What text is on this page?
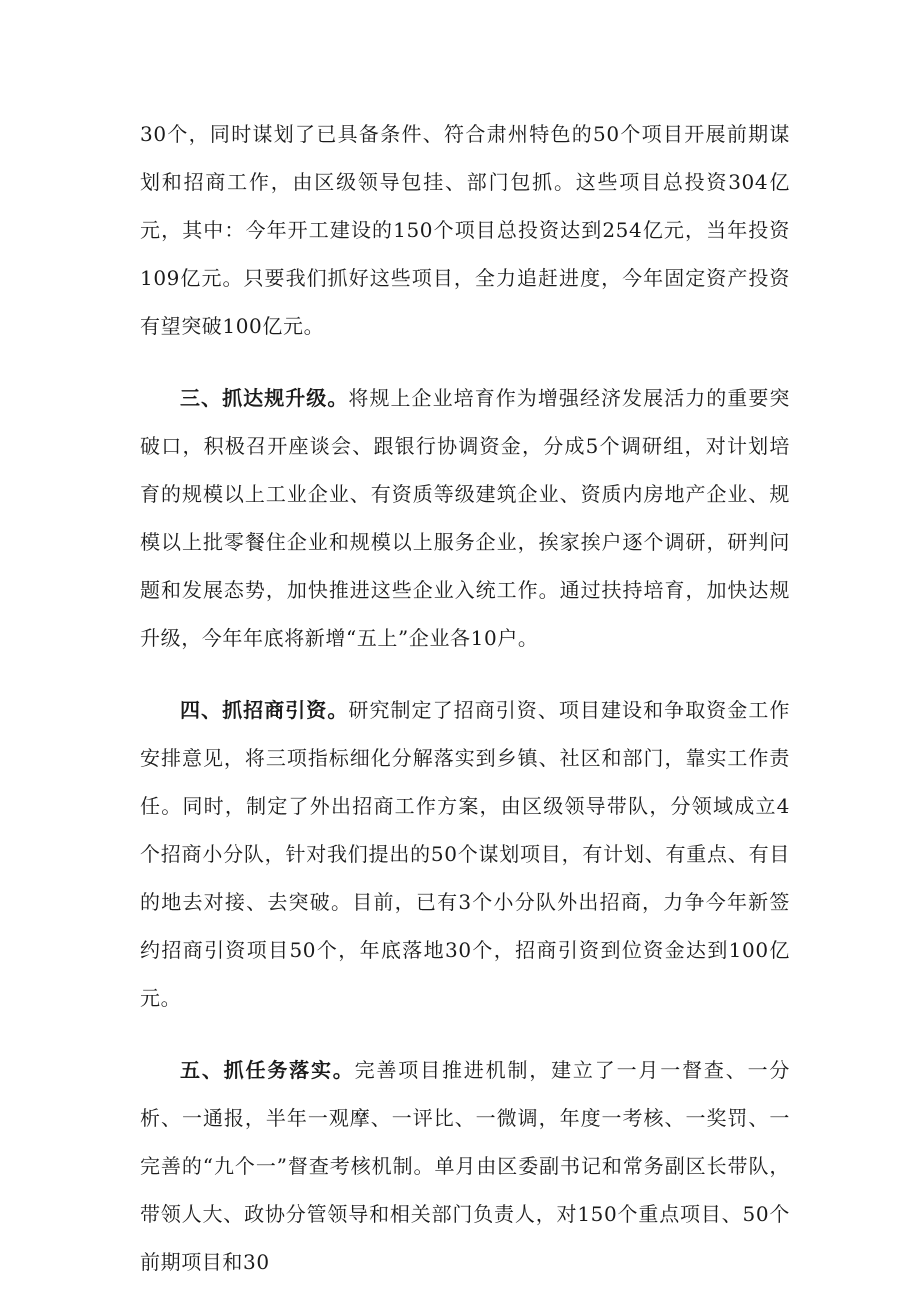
30个，同时谋划了已具备条件、符合肃州特色的50个项目开展前期谋划和招商工作，由区级领导包挂、部门包抓。这些项目总投资304亿元，其中：今年开工建设的150个项目总投资达到254亿元，当年投资109亿元。只要我们抓好这些项目，全力追赶进度，今年固定资产投资有望突破100亿元。

三、抓达规升级。将规上企业培育作为增强经济发展活力的重要突破口，积极召开座谈会、跟银行协调资金，分成5个调研组，对计划培育的规模以上工业企业、有资质等级建筑企业、资质内房地产企业、规模以上批零餐住企业和规模以上服务企业，挨家挨户逐个调研，研判问题和发展态势，加快推进这些企业入统工作。通过扶持培育，加快达规升级，今年年底将新增“五上”企业各10户。

四、抓招商引资。研究制定了招商引资、项目建设和争取资金工作安排意见，将三项指标细化分解落实到乡镇、社区和部门，靠实工作责任。同时，制定了外出招商工作方案，由区级领导带队，分领域成立4个招商小分队，针对我们提出的50个谋划项目，有计划、有重点、有目的地去对接、去突破。目前，已有3个小分队外出招商，力争今年新签约招商引资项目50个，年底落地30个，招商引资到位资金达到100亿元。

五、抓任务落实。完善项目推进机制，建立了一月一督查、一分析、一通报，半年一观摩、一评比、一微调，年度一考核、一奖罚、一完善的“九个一”督查考核机制。单月由区委副书记和常务副区长带队，带领人大、政协分管领导和相关部门负责人，对150个重点项目、50个前期项目和30
